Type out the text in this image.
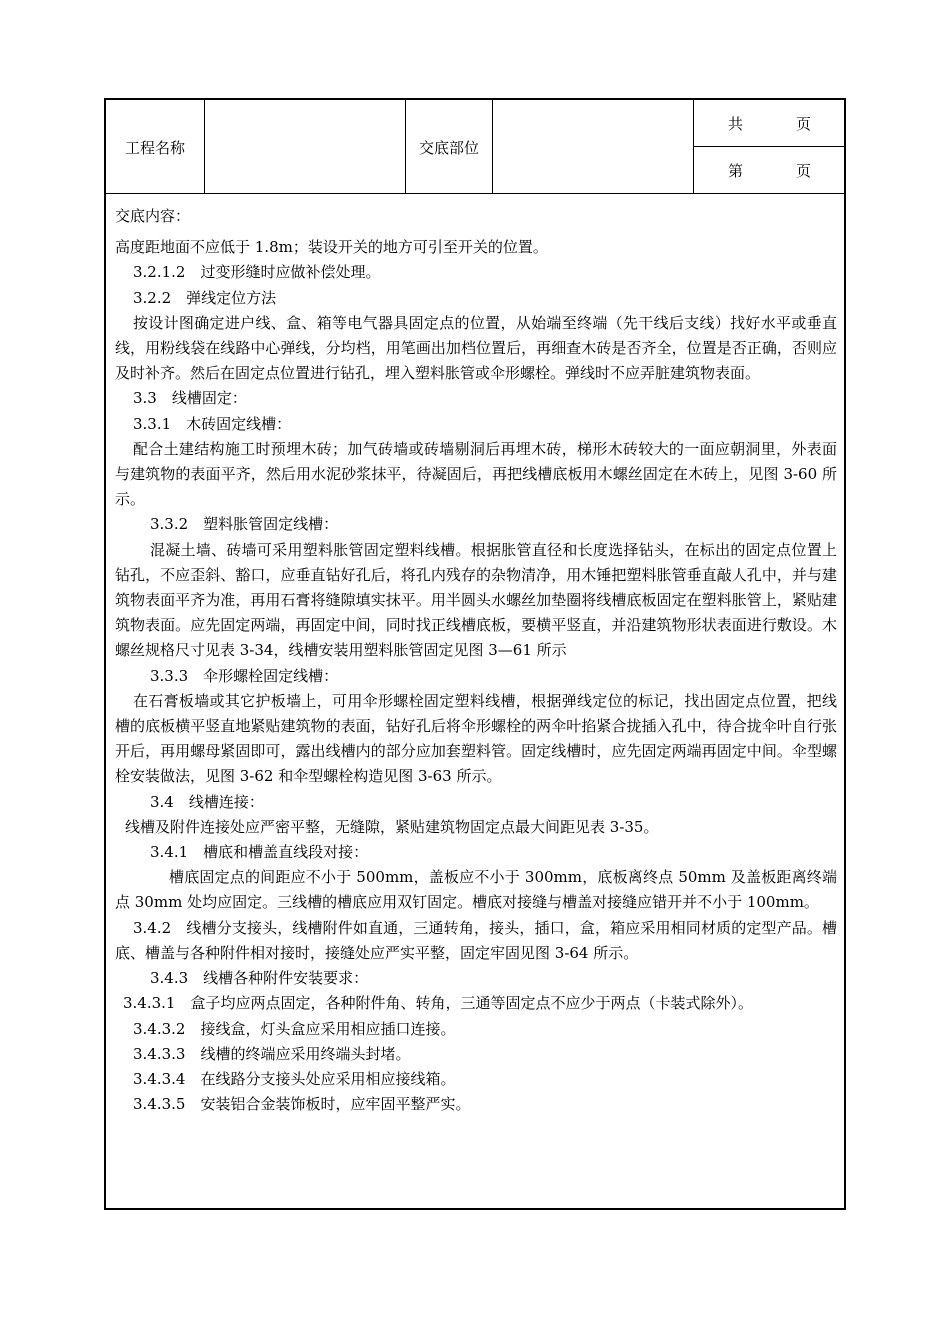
工程名称	交底部位
共	页
第	页

交底内容：

高度距地面不应低于 1.8m；装设开关的地方可引至开关的位置。

3.2.1.2　过变形缝时应做补偿处理。

3.2.2　弹线定位方法

按设计图确定进户线、盒、箱等电气器具固定点的位置，从始端至终端（先干线后支线）找好水平或垂直线，用粉线袋在线路中心弹线，分均档，用笔画出加档位置后，再细查木砖是否齐全，位置是否正确，否则应及时补齐。然后在固定点位置进行钻孔，埋入塑料胀管或伞形螺栓。弹线时不应弄脏建筑物表面。

3.3　线槽固定：

3.3.1　木砖固定线槽：

配合土建结构施工时预埋木砖；加气砖墙或砖墙剔洞后再埋木砖，梯形木砖较大的一面应朝洞里，外表面与建筑物的表面平齐，然后用水泥砂浆抹平，待凝固后，再把线槽底板用木螺丝固定在木砖上，见图 3-60 所示。

3.3.2　塑料胀管固定线槽：

混凝土墙、砖墙可采用塑料胀管固定塑料线槽。根据胀管直径和长度选择钻头，在标出的固定点位置上钻孔，不应歪斜、豁口，应垂直钻好孔后，将孔内残存的杂物清净，用木锤把塑料胀管垂直敲人孔中，并与建筑物表面平齐为准，再用石膏将缝隙填实抹平。用半圆头水螺丝加垫圈将线槽底板固定在塑料胀管上，紧贴建筑物表面。应先固定两端，再固定中间，同时找正线槽底板，要横平竖直，并沿建筑物形状表面进行敷设。木螺丝规格尺寸见表 3-34，线槽安装用塑料胀管固定见图 3—61 所示

3.3.3　伞形螺栓固定线槽：

在石膏板墙或其它护板墙上，可用伞形螺栓固定塑料线槽，根据弹线定位的标记，找出固定点位置，把线槽的底板横平竖直地紧贴建筑物的表面，钻好孔后将伞形螺栓的两伞叶掐紧合拢插入孔中，待合拢伞叶自行张开后，再用螺母紧固即可，露出线槽内的部分应加套塑料管。固定线槽时，应先固定两端再固定中间。伞型螺栓安装做法，见图 3-62 和伞型螺栓构造见图 3-63 所示。

3.4　线槽连接：

线槽及附件连接处应严密平整，无缝隙，紧贴建筑物固定点最大间距见表 3-35。

3.4.1　槽底和槽盖直线段对接：

槽底固定点的间距应不小于 500mm，盖板应不小于 300mm，底板离终点 50mm 及盖板距离终端点 30mm 处均应固定。三线槽的槽底应用双钉固定。槽底对接缝与槽盖对接缝应错开并不小于 100mm。

3.4.2　线槽分支接头，线槽附件如直通，三通转角，接头，插口，盒，箱应采用相同材质的定型产品。槽底、槽盖与各种附件相对接时，接缝处应严实平整，固定牢固见图 3-64 所示。

3.4.3　线槽各种附件安装要求：

3.4.3.1　盒子均应两点固定，各种附件角、转角，三通等固定点不应少于两点（卡装式除外）。

3.4.3.2　接线盒，灯头盒应采用相应插口连接。

3.4.3.3　线槽的终端应采用终端头封堵。

3.4.3.4　在线路分支接头处应采用相应接线箱。

3.4.3.5　安装铝合金装饰板时，应牢固平整严实。
